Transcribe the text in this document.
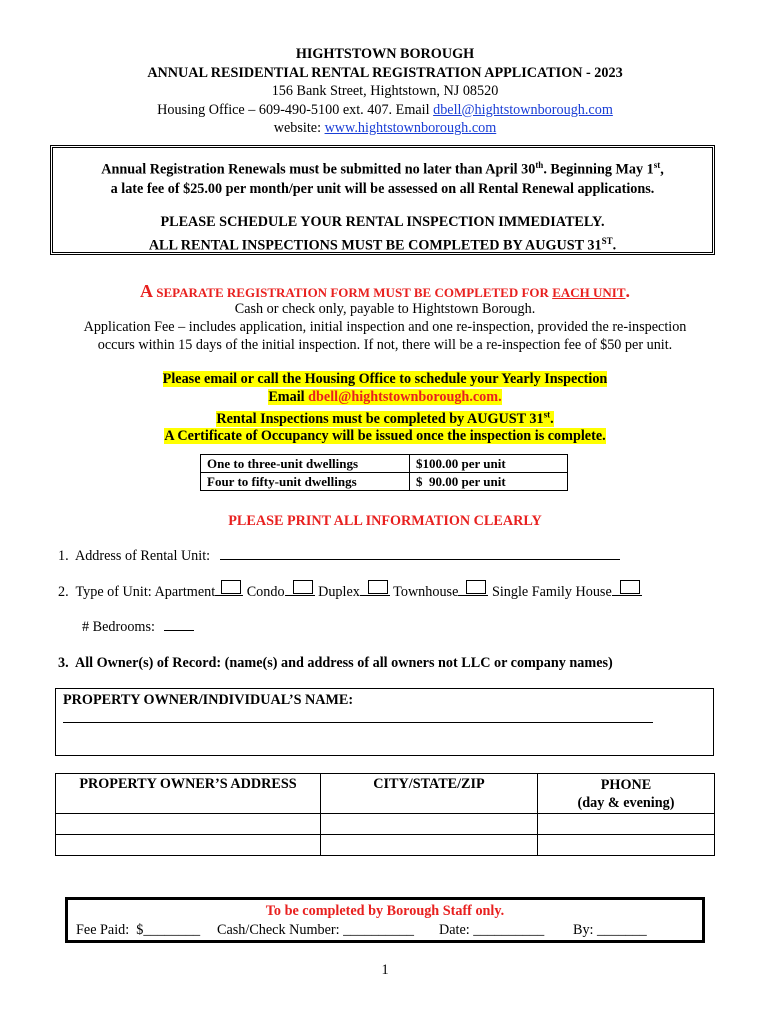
HIGHTSTOWN BOROUGH
ANNUAL RESIDENTIAL RENTAL REGISTRATION APPLICATION - 2023
156 Bank Street, Hightstown, NJ 08520
Housing Office – 609-490-5100 ext. 407. Email dbell@hightstownborough.com
website: www.hightstownborough.com

Annual Registration Renewals must be submitted no later than April 30th. Beginning May 1st,

a late fee of $25.00 per month/per unit will be assessed on all Rental Renewal applications.

PLEASE SCHEDULE YOUR RENTAL INSPECTION IMMEDIATELY.

ALL RENTAL INSPECTIONS MUST BE COMPLETED BY AUGUST 31ST.

A SEPARATE REGISTRATION FORM MUST BE COMPLETED FOR EACH UNIT.
Cash or check only, payable to Hightstown Borough.
Application Fee – includes application, initial inspection and one re-inspection, provided the re-inspection
occurs within 15 days of the initial inspection. If not, there will be a re-inspection fee of $50 per unit.
Please email or call the Housing Office to schedule your Yearly Inspection
Email dbell@hightstownborough.com.
Rental Inspections must be completed by AUGUST 31st.
A Certificate of Occupancy will be issued once the inspection is complete.
One to three-unit dwellings	$100.00 per unit
Four to fifty-unit dwellings	$  90.00 per unit
PLEASE PRINT ALL INFORMATION CLEARLY
1.  Address of Rental Unit:
2.  Type of Unit: Apartment Condo Duplex Townhouse Single Family House
# Bedrooms:
3.  All Owner(s) of Record: (name(s) and address of all owners not LLC or company names)
PROPERTY OWNER/INDIVIDUAL’S NAME:
PROPERTY OWNER’S ADDRESS	CITY/STATE/ZIP	PHONE
(day & evening)

To be completed by Borough Staff only.
Fee Paid:  $________ Cash/Check Number: __________ Date: __________ By: _______
1
